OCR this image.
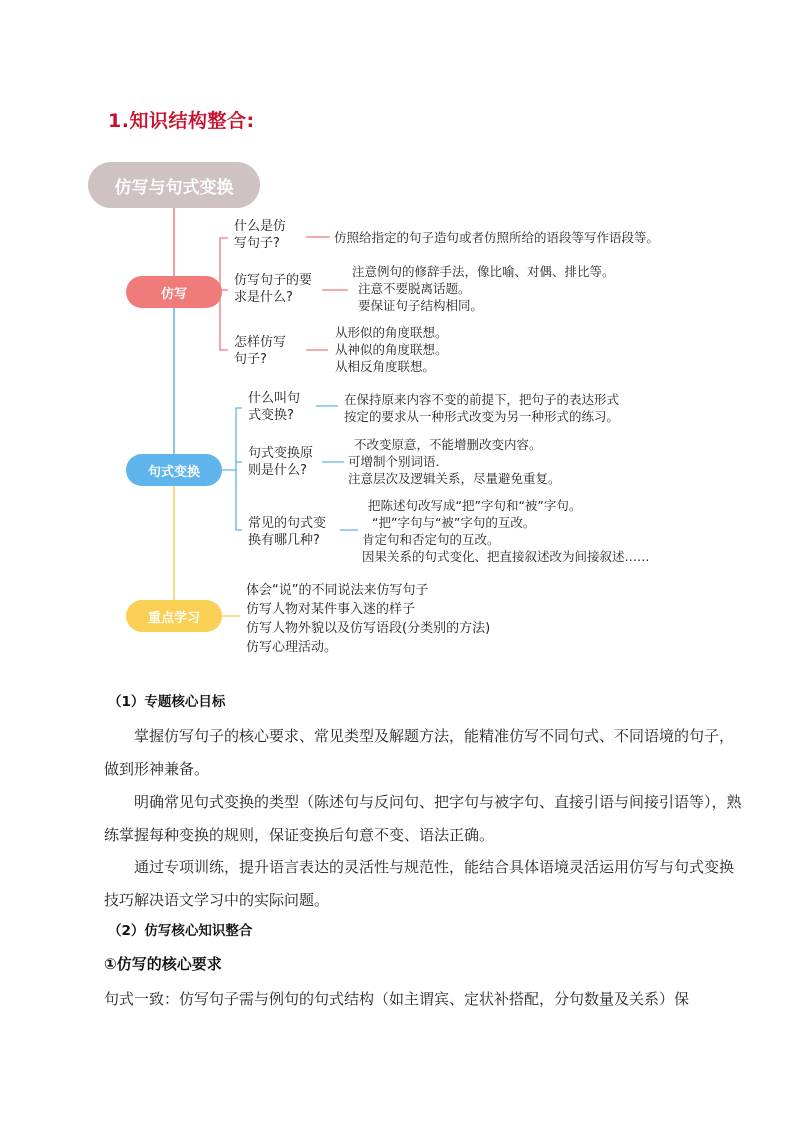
1.知识结构整合:
仿写与句式变换
仿写
句式变换
重点学习
什么是仿
写句子?	仿照给指定的句子造句或者仿照所给的语段等写作语段等。
仿写句子的要
求是什么?
注意例句的修辞手法，像比喻、对偶、排比等。
注意不要脱离话题。
要保证句子结构相同。
怎样仿写
句子?
从形似的角度联想。
从神似的角度联想。
从相反角度联想。
什么叫句
式变换?
在保持原来内容不变的前提下，把句子的表达形式
按定的要求从一种形式改变为另一种形式的练习。
句式变换原
则是什么?
不改变原意，不能增删改变内容。
可增制个别词语.
注意层次及逻辑关系，尽量避免重复。
常见的句式变
换有哪几种?
把陈述句改写成“把”字句和“被”字句。
“把”字句与“被”字句的互改。
肯定句和否定句的互改。
因果关系的句式变化、把直接叙述改为间接叙述……
体会“说”的不同说法来仿写句子
仿写人物对某件事入迷的样子
仿写人物外貌以及仿写语段(分类别的方法)
仿写心理活动。
（1）专题核心目标
掌握仿写句子的核心要求、常见类型及解题方法，能精准仿写不同句式、不同语境的句子，做到形神兼备。
明确常见句式变换的类型（陈述句与反问句、把字句与被字句、直接引语与间接引语等），熟练掌握每种变换的规则，保证变换后句意不变、语法正确。
通过专项训练，提升语言表达的灵活性与规范性，能结合具体语境灵活运用仿写与句式变换技巧解决语文学习中的实际问题。
（2）仿写核心知识整合
①仿写的核心要求
句式一致：仿写句子需与例句的句式结构（如主谓宾、定状补搭配，分句数量及关系）保
